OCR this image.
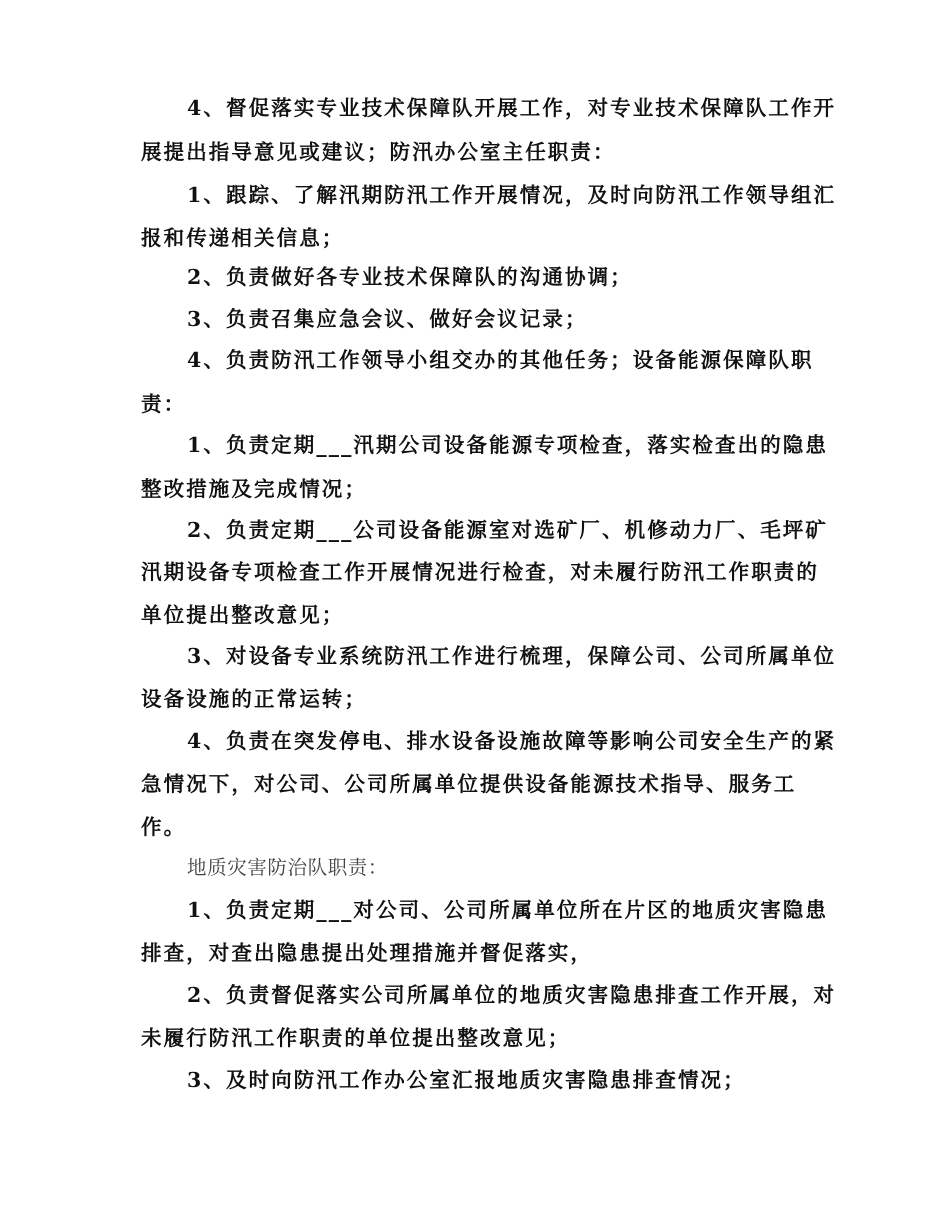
4、督促落实专业技术保障队开展工作，对专业技术保障队工作开
展提出指导意见或建议；防汛办公室主任职责：
1、跟踪、了解汛期防汛工作开展情况，及时向防汛工作领导组汇
报和传递相关信息；
2、负责做好各专业技术保障队的沟通协调；
3、负责召集应急会议、做好会议记录；
4、负责防汛工作领导小组交办的其他任务；设备能源保障队职
责：
1、负责定期___汛期公司设备能源专项检查，落实检查出的隐患
整改措施及完成情况；
2、负责定期___公司设备能源室对选矿厂、机修动力厂、毛坪矿
汛期设备专项检查工作开展情况进行检查，对未履行防汛工作职责的
单位提出整改意见；
3、对设备专业系统防汛工作进行梳理，保障公司、公司所属单位
设备设施的正常运转；
4、负责在突发停电、排水设备设施故障等影响公司安全生产的紧
急情况下，对公司、公司所属单位提供设备能源技术指导、服务工
作。
地质灾害防治队职责：
1、负责定期___对公司、公司所属单位所在片区的地质灾害隐患
排查，对查出隐患提出处理措施并督促落实，
2、负责督促落实公司所属单位的地质灾害隐患排查工作开展，对
未履行防汛工作职责的单位提出整改意见；
3、及时向防汛工作办公室汇报地质灾害隐患排查情况；
